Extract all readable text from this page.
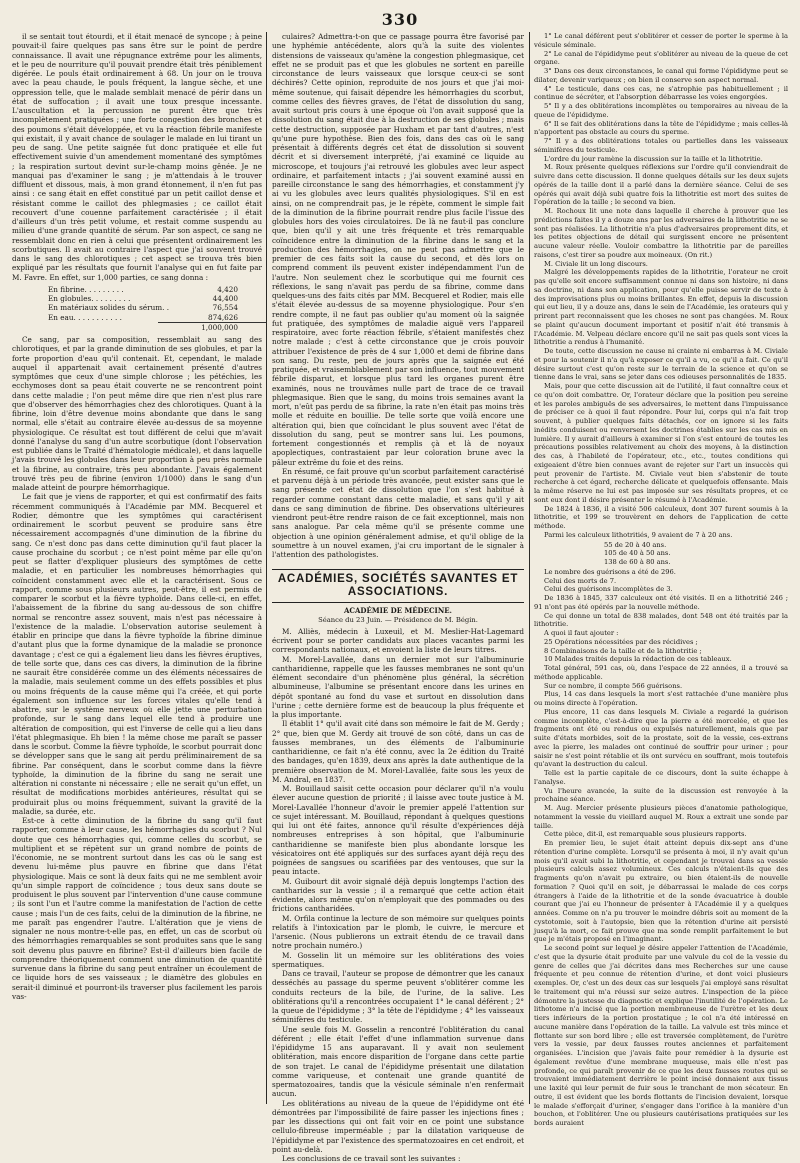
330

il se sentait tout étourdi, et il était menacé de syncope ; à peine pouvait-il faire quelques pas sans être sur le point de perdre connaissance. Il avait une répugnance extrême pour les aliments, et le peu de nourriture qu'il pouvait prendre était très péniblement digérée. Le pouls était ordinairement à 68. Un jour on le trouva avec la peau chaude, le pouls fréquent, la langue sèche, et une oppression telle, que le malade semblait menacé de périr dans un état de suffocation ; il avait une toux presque incessante. L'auscultation et la percussion ne purent être que très incomplètement pratiquées ; une forte congestion des bronches et des poumons s'était développée, et vu la réaction fébrile manifeste qui existait, il y avait chance de soulager le malade en lui tirant un peu de sang. Une petite saignée fut donc pratiquée et elle fut effectivement suivie d'un amendement momentané des symptômes ; la respiration surtout devint sur-le-champ moins gênée. Je ne manquai pas d'examiner le sang ; je m'attendais à le trouver diffluent et dissous, mais, à mon grand étonnement, il n'en fut pas ainsi : ce sang était en effet constitué par un petit caillot dense et résistant comme le caillot des phlegmasies ; ce caillot était recouvert d'une couenne parfaitement caractérisée ; il était d'ailleurs d'un très petit volume, et restait comme suspendu au milieu d'une grande quantité de sérum. Par son aspect, ce sang ne ressemblait donc en rien à celui que présentent ordinairement les scorbutiques. Il avait au contraire l'aspect que j'ai souvent trouvé dans le sang des chlorotiques ; cet aspect se trouva très bien expliqué par les résultats que fournit l'analyse qui en fut faite par M. Favre. En effet, sur 1,000 parties, ce sang donna :

En fibrine. . . . . . . . .	4,420
En globules. . . . . . . . .	44,400
En matériaux solides du sérum. .	76,554
En eau. . . . . . . . . . .	874,626
1,000,000

Ce sang, par sa composition, ressemblait au sang des chlorotiques, et par la grande diminution de ses globules, et par la forte proportion d'eau qu'il contenait. Et, cependant, le malade auquel il appartenait avait certainement présenté d'autres symptômes que ceux d'une simple chlorose ; les pétéchies, les ecchymoses dont sa peau était couverte ne se rencontrent point dans cette maladie ; l'on peut même dire que rien n'est plus rare que d'observer des hémorrhagies chez des chlorotiques. Quant à la fibrine, loin d'être devenue moins abondante que dans le sang normal, elle s'était au contraire élevée au-dessus de sa moyenne physiologique. Ce résultat est tout différent de celui que m'avait donné l'analyse du sang d'un autre scorbutique (dont l'observation est publiée dans le Traité d'hématologie médicale), et dans laquelle j'avais trouvé les globules dans leur proportion à peu près normale et la fibrine, au contraire, très peu abondante. J'avais également trouvé très peu de fibrine (environ 1/1000) dans le sang d'un malade atteint de pourpre hémorrhagique.

Le fait que je viens de rapporter, et qui est confirmatif des faits récemment communiqués à l'Académie par MM. Becquerel et Rodier, démontre que les symptômes qui caractérisent ordinairement le scorbut peuvent se produire sans être nécessairement accompagnés d'une diminution de la fibrine du sang. Ce n'est donc pas dans cette diminution qu'il faut placer la cause prochaine du scorbut ; ce n'est point même par elle qu'on peut se flatter d'expliquer plusieurs des symptômes de cette maladie, et en particulier les nombreuses hémorrhagies qui coïncident constamment avec elle et la caractérisent. Sous ce rapport, comme sous plusieurs autres, peut-être, il est permis de comparer le scorbut et la fièvre typhoïde. Dans celle-ci, en effet, l'abaissement de la fibrine du sang au-dessous de son chiffre normal se rencontre assez souvent, mais n'est pas nécessaire à l'existence de la maladie. L'observation autorise seulement à établir en principe que dans la fièvre typhoïde la fibrine diminue d'autant plus que la forme dynamique de la maladie se prononce davantage ; c'est ce qui a également lieu dans les fièvres éruptives, de telle sorte que, dans ces cas divers, la diminution de la fibrine ne saurait être considérée comme un des éléments nécessaires de la maladie, mais seulement comme un des effets possibles et plus ou moins fréquents de la cause même qui l'a créée, et qui porte également son influence sur les forces vitales qu'elle tend à abattre, sur le système nerveux où elle jette une perturbation profonde, sur le sang dans lequel elle tend à produire une altération de composition, qui est l'inverse de celle qui a lieu dans l'état phlegmasique. Eh bien ! la même chose me paraît se passer dans le scorbut. Comme la fièvre typhoïde, le scorbut pourrait donc se développer sans que le sang ait perdu préliminairement de sa fibrine. Par conséquent, dans le scorbut comme dans la fièvre typhoïde, la diminution de la fibrine du sang ne serait une altération ni constante ni nécessaire ; elle ne serait qu'un effet, un résultat de modifications morbides antérieures, résultat qui se produirait plus ou moins fréquemment, suivant la gravité de la maladie, sa durée, etc.

Est-ce à cette diminution de la fibrine du sang qu'il faut rapporter, comme à leur cause, les hémorrhagies du scorbut ? Nul doute que ces hémorrhagies qui, comme celles du scorbut, se multiplient et se répètent sur un grand nombre de points de l'économie, ne se montrent surtout dans les cas où le sang est devenu lui-même plus pauvre en fibrine que dans l'état physiologique. Mais ce sont là deux faits qui ne me semblent avoir qu'un simple rapport de coïncidence ; tous deux sans doute se produisent le plus souvent par l'intervention d'une cause commune ; ils sont l'un et l'autre comme la manifestation de l'action de cette cause ; mais l'un de ces faits, celui de la diminution de la fibrine, ne me paraît pas engendrer l'autre. L'altération que je viens de signaler ne nous montre-t-elle pas, en effet, un cas de scorbut où des hémorrhagies remarquables se sont produites sans que le sang soit devenu plus pauvre en fibrine? Est-il d'ailleurs bien facile de comprendre théoriquement comment une diminution de quantité survenue dans la fibrine du sang peut entraîner un écoulement de ce liquide hors de ses vaisseaux ; le diamètre des globules en serait-il diminué et pourront-ils traverser plus facilement les parois vas-

culaires? Admettra-t-on que ce passage pourra être favorisé par une hyphémie antécédente, alors qu'à la suite des violentes distensions de vaisseaux qu'amène la congestion phlegmasique, cet effet ne se produit pas et que les globules ne sortent en pareille circonstance de leurs vaisseaux que lorsque ceux-ci se sont déchirés? Cette opinion, reproduite de nos jours et que j'ai moi-même soutenue, qui faisait dépendre les hémorrhagies du scorbut, comme celles des fièvres graves, de l'état de dissolution du sang, avait surtout pris cours à une époque où l'on avait supposé que la dissolution du sang était due à la destruction de ses globules ; mais cette destruction, supposée par Huxham et par tant d'autres, n'est qu'une pure hypothèse. Bien des fois, dans des cas où le sang présentait à différents degrés cet état de dissolution si souvent décrit et si diversement interprété, j'ai examiné ce liquide au microscope, et toujours j'ai retrouvé les globules avec leur aspect ordinaire, et parfaitement intacts ; j'ai souvent examiné aussi en pareille circonstance le sang des hémorrhagies, et constamment j'y ai vu les globules avec leurs qualités physiologiques. S'il en est ainsi, on ne comprendrait pas, je le répète, comment le simple fait de la diminution de la fibrine pourrait rendre plus facile l'issue des globules hors des voies circulatoires. De là ne faut-il pas conclure que, bien qu'il y ait une très fréquente et très remarquable coïncidence entre la diminution de la fibrine dans le sang et la production des hémorrhagies, on ne peut pas admettre que le premier de ces faits soit la cause du second, et dès lors on comprend comment ils peuvent exister indépendamment l'un de l'autre. Non seulement chez le scorbutique qui me fournit ces réflexions, le sang n'avait pas perdu de sa fibrine, comme dans quelques-uns des faits cités par MM. Becquerel et Rodier, mais elle s'était élevée au-dessus de sa moyenne physiologique. Pour s'en rendre compte, il ne faut pas oublier qu'au moment où la saignée fut pratiquée, des symptômes de maladie aiguë vers l'appareil respiratoire, avec forte réaction fébrile, s'étaient manifestés chez notre malade ; c'est à cette circonstance que je crois pouvoir attribuer l'existence de près de 4 sur 1,000 et demi de fibrine dans son sang. Du reste, peu de jours après que la saignée eut été pratiquée, et vraisemblablement par son influence, tout mouvement fébrile disparut, et lorsque plus tard les organes purent être examinés, nous ne trouvâmes nulle part de trace de ce travail phlegmasique. Bien que le sang, du moins trois semaines avant la mort, n'eût pas perdu de sa fibrine, la rate n'en était pas moins très molle et réduite en bouillie. De telle sorte que voilà encore une altération qui, bien que coïncidant le plus souvent avec l'état de dissolution du sang, peut se montrer sans lui. Les poumons, fortement congestionnés et remplis çà et là de noyaux apoplectiques, contrastaient par leur coloration brune avec la pâleur extrême du foie et des reins.

En résumé, ce fait prouve qu'un scorbut parfaitement caractérisé et parvenu déjà à un période très avancée, peut exister sans que le sang présente cet état de dissolution que l'on s'est habitué à regarder comme constant dans cette maladie, et sans qu'il y ait dans ce sang diminution de fibrine. Des observations ultérieures viendront peut-être rendre raison de ce fait exceptionnel, mais non sans analogue. Par cela même qu'il se présente comme une objection à une opinion généralement admise, et qu'il oblige de la soumettre à un nouvel examen, j'ai cru important de le signaler à l'attention des pathologistes.

ACADÉMIES, SOCIÉTÉS SAVANTES ET ASSOCIATIONS.
ACADÉMIE DE MÉDECINE.
Séance du 23 Juin. — Présidence de M. Bégin.

M. Alliès, médecin à Luxeuil, et M. Meslier-Hat-Lagemard écrivent pour se porter candidats aux places vacantes parmi les correspondants nationaux, et envoient la liste de leurs titres.

M. Morel-Lavallée, dans un dernier mot sur l'albuminurie cantharidienne, rappelle que les fausses membranes ne sont qu'un élément secondaire d'un phénomène plus général, la sécrétion albumineuse, l'albumine se présentant encore dans les urines en dépôt spontané au fond du vase et surtout en dissolution dans l'urine ; cette dernière forme est de beaucoup la plus fréquente et la plus importante.

Il établit 1° qu'il avait cité dans son mémoire le fait de M. Gerdy ; 2° que, bien que M. Gerdy ait trouvé de son côté, dans un cas de fausses membranes, un des éléments de l'albuminurie cantharidienne, ce fait n'a été connu, avec la 2e édition du Traité des bandages, qu'en 1839, deux ans après la date authentique de la première observation de M. Morel-Lavallée, faite sous les yeux de M. Andral, en 1837.

M. Bouillaud saisit cette occasion pour déclarer qu'il n'a voulu élever aucune question de priorité ; il laisse avec toute justice à M. Morel-Lavallée l'honneur d'avoir le premier appelé l'attention sur ce sujet intéressant. M. Bouillaud, répondant à quelques questions qui lui ont été faites, annonce qu'il résulte d'expériences déjà nombreuses entreprises à son hôpital, que l'albuminurie cantharidienne se manifeste bien plus abondante lorsque les vésicatoires ont été appliqués sur des surfaces ayant déjà reçu des poignées de sangsues ou scarifiées par des ventouses, que sur la peau intacte.

M. Guibourt dit avoir signalé déjà depuis longtemps l'action des cantharides sur la vessie ; il a remarqué que cette action était évidente, alors même qu'on n'employait que des pommades ou des frictions cantharidées.

M. Orfila continue la lecture de son mémoire sur quelques points relatifs à l'intoxication par le plomb, le cuivre, le mercure et l'arsenic. (Nous publierons un extrait étendu de ce travail dans notre prochain numéro.)

M. Gosselin lit un mémoire sur les oblitérations des voies spermatiques.

Dans ce travail, l'auteur se propose de démontrer que les canaux desséchés au passage du sperme peuvent s'oblitérer comme les conduits recteurs de la bile, de l'urine, de la salive. Les oblitérations qu'il a rencontrées occupaient 1° le canal déférent ; 2° la queue de l'épididyme ; 3° la tête de l'épididyme ; 4° les vaisseaux séminifères du testicule.

Une seule fois M. Gosselin a rencontré l'oblitération du canal déférent ; elle était l'effet d'une inflammation survenue dans l'épididyme 15 ans auparavant. Il y avait non seulement oblitération, mais encore disparition de l'organe dans cette partie de son trajet. Le canal de l'épididyme présentait une dilatation comme variqueuse, et contenait une grande quantité de spermatozoaires, tandis que la vésicule séminale n'en renfermait aucun.

Les oblitérations au niveau de la queue de l'épididyme ont été démontrées par l'impossibilité de faire passer les injections fines ; par les dissections qui ont fait voir en ce point une substance cellulo-fibreuse imperméable ; par la dilatation variqueuse de l'épididyme et par l'existence des spermatozoaires en cet endroit, et point au-delà.

Les conclusions de ce travail sont les suivantes :

1° Le canal déférent peut s'oblitérer et cesser de porter le sperme à la vésicule séminale.

2° Le canal de l'épididyme peut s'oblitérer au niveau de la queue de cet organe.

3° Dans ces deux circonstances, le canal qui forme l'épididyme peut se dilater, devenir variqueux ; on bien il conserve son aspect normal.

4° Le testicule, dans ces cas, ne s'atrophie pas habituellement ; il continue de sécréter, et l'absorption débarrasse les voies engorgées.

5° Il y a des oblitérations incomplètes ou temporaires au niveau de la queue de l'épididyme.

6° Il se fait des oblitérations dans la tête de l'épididyme ; mais celles-là n'apportent pas obstacle au cours du sperme.

7° Il y a des oblitérations totales ou partielles dans les vaisseaux séminifères du testicule.

L'ordre du jour ramène la discussion sur la taille et la lithotritie.

M. Roux présente quelques réflexions sur l'ordre qu'il conviendrait de suivre dans cette discussion. Il donne quelques détails sur les deux sujets opérés de la taille dont il a parlé dans la dernière séance. Celui de ses opérés qui avait déjà subi quatre fois la lithotritie est mort des suites de l'opération de la taille ; le second va bien.

M. Rochoux lit une note dans laquelle il cherche à prouver que les prédictions faites il y a douze ans par les adversaires de la lithotritie ne se sont pas réalisées. La lithotritie n'a plus d'adversaires proprement dits, et les petites objections de détail qui surgissent encore ne présentent aucune valeur réelle. Vouloir combattre la lithotritie par de pareilles raisons, c'est tirer sa poudre aux moineaux. (On rit.)

M. Civiale lit un long discours.

Malgré les développements rapides de la lithotritie, l'orateur ne croit pas qu'elle soit encore suffisamment connue ni dans son histoire, ni dans sa doctrine, ni dans son application, pour qu'elle puisse servir de texte à des improvisations plus ou moins brillantes. En effet, depuis la discussion qui eut lieu, il y a douze ans, dans le sein de l'Académie, les orateurs qui y prirent part reconnaissent que les choses ne sont pas changées. M. Roux se plaint qu'aucun document important et positif n'ait été transmis à l'Académie. M. Velpeau déclare encore qu'il ne sait pas quels sont vices la lithotritie a rendus à l'humanité.

De toute, cette discussion ne cause ni crainte ni embarras à M. Civiale et pour la soutenir il n'a qu'à exposer ce qu'il a vu, ce qu'il a fait. Ce qu'il désire surtout c'est qu'on reste sur le terrain de la science et qu'on se tienne dans le vrai, sans se jeter dans ces odieuses personnalités de 1835.

Mais, pour que cette discussion ait de l'utilité, il faut connaître ceux et ce qu'on doit combattre. Or, l'orateur déclare que la position peu sereine et les paroles ambiguës de ses adversaires, le mettent dans l'impuissance de préciser ce à quoi il faut répondre. Pour lui, corps qui n'a fait trop souvent, à publier quelques faits détachés, cor on ignore si les faits inédits conduisent ou renversent les doctrines établies sur les cas mis en lumière. Il y aurait d'ailleurs à examiner si l'on s'est entouré de toutes les précautions possibles relativement au choix des moyens, à la distinction des cas, à l'habileté de l'opérateur, etc., etc., toutes conditions qui exigeaient d'être bien connues avant de rejeter sur l'art un insuccès qui peut provenir de l'artiste. M. Civiale veut bien s'abstenir de toute recherche à cet égard, recherche délicate et quelquefois offensante. Mais la même réserve ne lui est pas imposée sur ses résultats propres, et ce sont eux dont il désire présenter le résumé à l'Académie.

De 1824 à 1836, il a visité 506 calculeux, dont 307 furent soumis à la lithotritie, et 199 se trouvèrent en dehors de l'application de cette méthode.

Parmi les calculeux lithotritiés, 9 avaient de 7 à 20 ans.

55 de 20 à 40 ans.
105 de 40 à 50 ans.
138 de 60 à 80 ans.

Le nombre des guérisons a été de 296.

Celui des morts de 7.

Celui des guérisons incomplètes de 3.

De 1836 à 1845, 337 calculeux ont été visités. Il en a lithotritié 246 ; 91 n'ont pas été opérés par la nouvelle méthode.

Ce qui donne un total de 838 malades, dont 548 ont été traités par la lithotritie.

A quoi il faut ajouter :

25 Opérations nécessitées par des récidives ;

8 Combinaisons de la taille et de la lithotritie ;

10 Malades traités depuis la rédaction de ces tableaux.

Total général, 591 cas, où, dans l'espace de 22 années, il a trouvé sa méthode applicable.

Sur ce nombre, il compte 566 guérisons.

Plus, 14 cas dans lesquels la mort s'est rattachée d'une manière plus ou moins directe à l'opération.

Plus encore, 11 cas dans lesquels M. Civiale a regardé la guérison comme incomplète, c'est-à-dire que la pierre a été morcelée, et que les fragments ont été ou rendus ou expulsés naturellement, mais que par suite d'états morbides, soit de la prostate, soit de la vessie, ces-extrans avec la pierre, les malades ont continué de souffrir pour uriner ; pour saisir ne s'est point rétablie et ils ont survécu en souffrant, mois toutefois qu'avant la destruction du calcul.

Telle est la partie capitale de ce discours, dont la suite échappe à l'analyse.

Vu l'heure avancée, la suite de la discussion est renvoyée à la prochaine séance.

M. Aug. Mercier présente plusieurs pièces d'anatomie pathologique, notamment la vessie du vieillard auquel M. Roux a extrait une sonde par taille.

Cette pièce, dit-il, est remarquable sous plusieurs rapports.

En premier lieu, le sujet était atteint depuis dix-sept ans d'une rétention d'urine complète. Lorsqu'il se présenta à moi, il n'y avait qu'un mois qu'il avait subi la lithotritie, et cependant je trouvai dans sa vessie plusieurs calculs assez volumineux. Ces calculs n'étaient-ils que des fragments qu'on n'avait pu extraire, ou bien étaient-ils de nouvelle formation ? Quoi qu'il en soit, je débarrassai le malade de ces corps étrangers à l'aide de la lithotritie et de la sonde évacuatrice à double courant que j'ai eu l'honneur de présenter à l'Académie il y a quelques années. Comme on n'a pu trouver le moindre débris soit au moment de la cystotomie, soit à l'autopsie, bien que la rétention d'urine ait persisté jusqu'à la mort, ce fait prouve que ma sonde remplit parfaitement le but que je m'étais proposé en l'imaginant.

Le second point sur lequel je désire appeler l'attention de l'Académie, c'est que la dysurie était produite par une valvule du col de la vessie du genre de celles que j'ai décrites dans mes Recherches sur une cause fréquente et peu connue de rétention d'urine, et dont voici plusieurs exemples. Or, c'est un des deux cas sur lesquels j'ai employé sans résultat le traitement qui m'a réussi sur seize autres. L'inspection de la pièce démontre la justesse du diagnostic et explique l'inutilité de l'opération. Le lithotome n'a incisé que la portion membraneuse de l'urètre et les deux tiers inférieurs de la portion prostatique ; le col n'a été intéressé en aucune manière dans l'opération de la taille. La valvule est très mince et flottante sur son bord libre ; elle est traversée complètement, de l'urètre vers la vessie, par deux fausses routes anciennes et parfaitement organisées. L'incision que j'avais faite pour remédier à la dysurie est également revêtue d'une membrane muqueuse, mais elle n'est pas profonde, ce qui paraît provenir de ce que les deux fausses routes qui se trouvaient immédiatement derrière le point incisé donnaient aux tissus une laxité qui leur permit de fuir sous le tranchant de mon sécateur. En outre, il est évident que les bords flottants de l'incision devaient, lorsque le malade s'efforçait d'uriner, s'engager dans l'orifice à la manière d'un bouchon, et l'oblitérer. Une ou plusieurs cautérisations pratiquées sur les bords auraient
